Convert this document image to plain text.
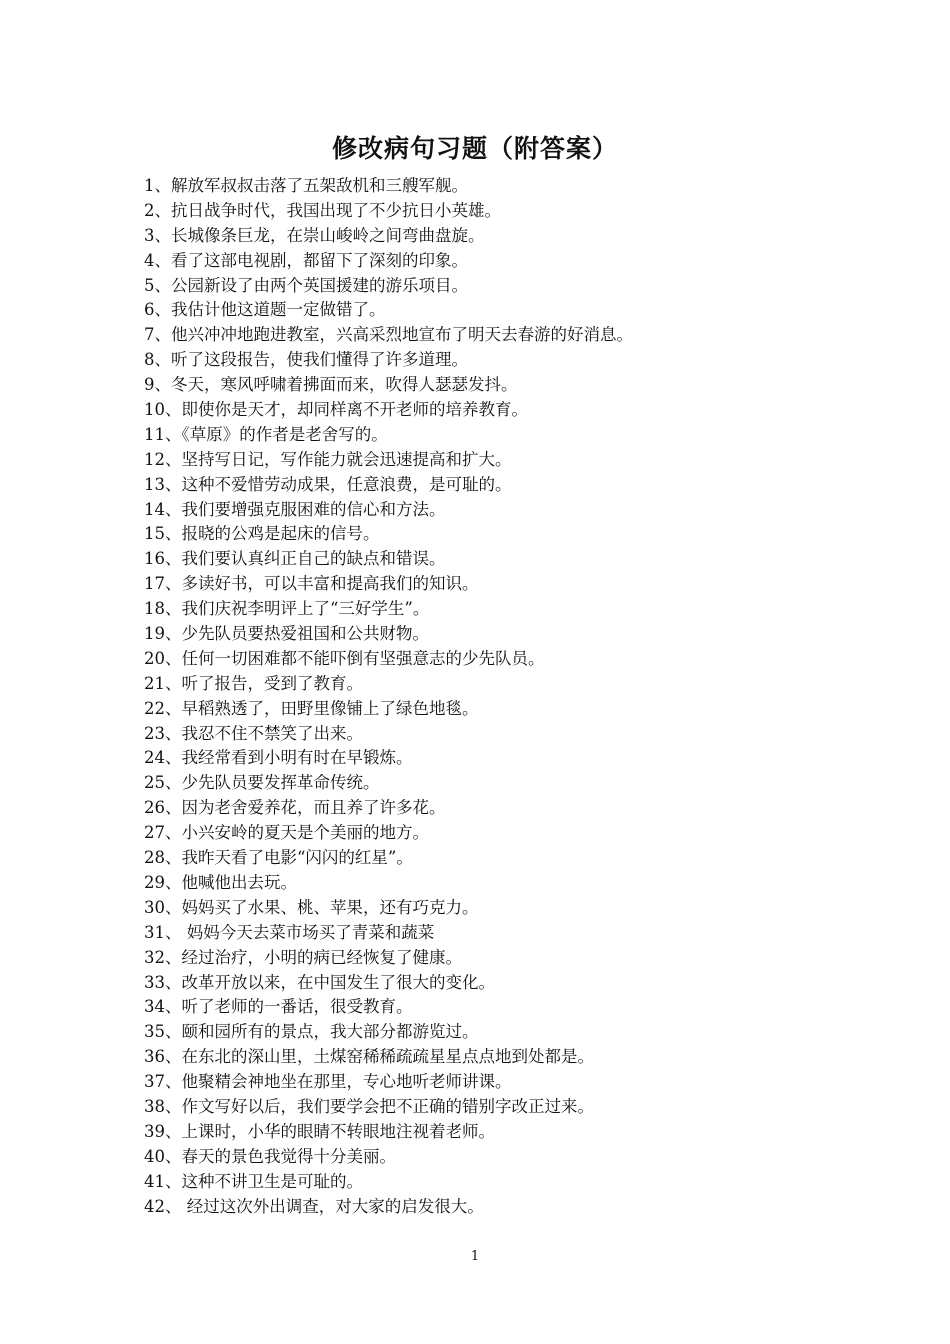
修改病句习题（附答案）
1、解放军叔叔击落了五架敌机和三艘军舰。
2、抗日战争时代，我国出现了不少抗日小英雄。
3、长城像条巨龙，在崇山峻岭之间弯曲盘旋。
4、看了这部电视剧，都留下了深刻的印象。
5、公园新设了由两个英国援建的游乐项目。
6、我估计他这道题一定做错了。
7、他兴冲冲地跑进教室，兴高采烈地宣布了明天去春游的好消息。
8、听了这段报告，使我们懂得了许多道理。
9、冬天，寒风呼啸着拂面而来，吹得人瑟瑟发抖。
10、即使你是天才，却同样离不开老师的培养教育。
11、《草原》的作者是老舍写的。
12、坚持写日记，写作能力就会迅速提高和扩大。
13、这种不爱惜劳动成果，任意浪费，是可耻的。
14、我们要增强克服困难的信心和方法。
15、报晓的公鸡是起床的信号。
16、我们要认真纠正自己的缺点和错误。
17、多读好书，可以丰富和提高我们的知识。
18、我们庆祝李明评上了“三好学生”。
19、少先队员要热爱祖国和公共财物。
20、任何一切困难都不能吓倒有坚强意志的少先队员。
21、听了报告，受到了教育。
22、早稻熟透了，田野里像铺上了绿色地毯。
23、我忍不住不禁笑了出来。
24、我经常看到小明有时在早锻炼。
25、少先队员要发挥革命传统。
26、因为老舍爱养花，而且养了许多花。
27、小兴安岭的夏天是个美丽的地方。
28、我昨天看了电影“闪闪的红星”。
29、他喊他出去玩。
30、妈妈买了水果、桃、苹果，还有巧克力。
31、 妈妈今天去菜市场买了青菜和蔬菜
32、经过治疗，小明的病已经恢复了健康。
33、改革开放以来，在中国发生了很大的变化。
34、听了老师的一番话，很受教育。
35、颐和园所有的景点，我大部分都游览过。
36、在东北的深山里，土煤窑稀稀疏疏星星点点地到处都是。
37、他聚精会神地坐在那里，专心地听老师讲课。
38、作文写好以后，我们要学会把不正确的错别字改正过来。
39、上课时，小华的眼睛不转眼地注视着老师。
40、春天的景色我觉得十分美丽。
41、这种不讲卫生是可耻的。
42、 经过这次外出调查，对大家的启发很大。
1
